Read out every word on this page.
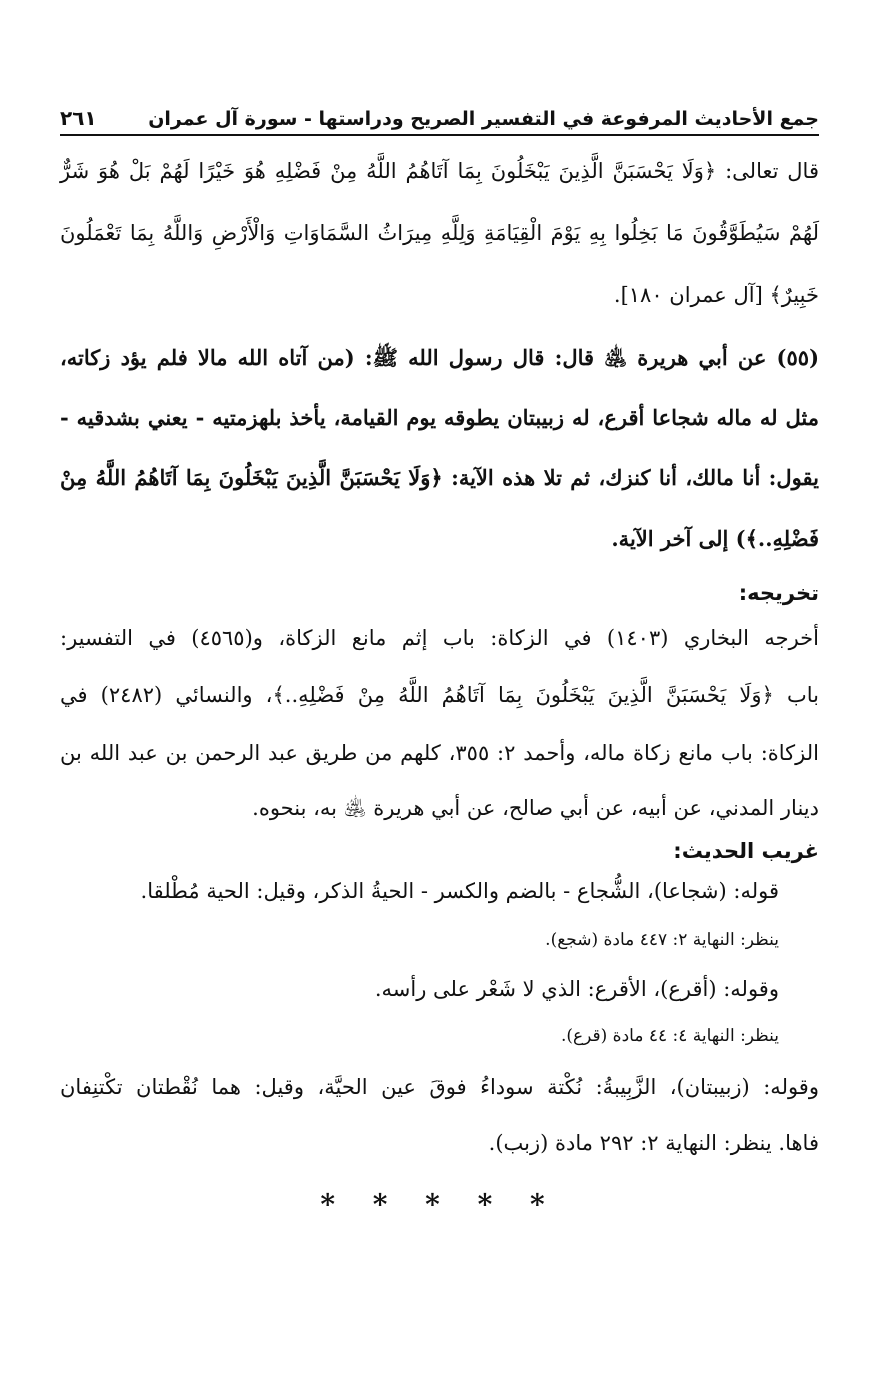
جمع الأحاديث المرفوعة في التفسير الصريح ودراستها - سورة آل عمران
٢٦١
قال تعالى: ﴿وَلَا يَحْسَبَنَّ الَّذِينَ يَبْخَلُونَ بِمَا آتَاهُمُ اللَّهُ مِنْ فَضْلِهِ هُوَ خَيْرًا لَهُمْ بَلْ هُوَ شَرٌّ
لَهُمْ سَيُطَوَّقُونَ مَا بَخِلُوا بِهِ يَوْمَ الْقِيَامَةِ وَلِلَّهِ مِيرَاثُ السَّمَاوَاتِ وَالْأَرْضِ وَاللَّهُ بِمَا تَعْمَلُونَ
خَبِيرٌ﴾ [آل عمران ١٨٠].
(٥٥) عن أبي هريرة ﵁ قال: قال رسول الله ﷺ: (من آتاه الله مالا فلم يؤد زكاته،
مثل له ماله شجاعا أقرع، له زبيبتان يطوقه يوم القيامة، يأخذ بلهزمتيه - يعني بشدقيه -
يقول: أنا مالك، أنا كنزك، ثم تلا هذه الآية: ﴿وَلَا يَحْسَبَنَّ الَّذِينَ يَبْخَلُونَ بِمَا آتَاهُمُ اللَّهُ مِنْ
فَضْلِهِ..﴾) إلى آخر الآية.
تخريجه:
أخرجه البخاري (١٤٠٣) في الزكاة: باب إثم مانع الزكاة، و(٤٥٦٥) في التفسير:
باب ﴿وَلَا يَحْسَبَنَّ الَّذِينَ يَبْخَلُونَ بِمَا آتَاهُمُ اللَّهُ مِنْ فَضْلِهِ..﴾، والنسائي (٢٤٨٢) في
الزكاة: باب مانع زكاة ماله، وأحمد ٢: ٣٥٥، كلهم من طريق عبد الرحمن بن عبد الله بن
دينار المدني، عن أبيه، عن أبي صالح، عن أبي هريرة ﵁ به، بنحوه.
غريب الحديث:
قوله: (شجاعا)، الشُّجاع - بالضم والكسر - الحيةُ الذكر، وقيل: الحية مُطْلقا.
ينظر: النهاية ٢: ٤٤٧ مادة (شجع).
وقوله: (أقرع)، الأقرع: الذي لا شَعْر على رأسه.
ينظر: النهاية ٤: ٤٤ مادة (قرع).
وقوله: (زبيبتان)، الزَّبِيبةُ: نُكْتة سوداءُ فوقَ عين الحيَّة، وقيل: هما نُقْطتان تكْتنِفان
فاها. ينظر: النهاية ٢: ٢٩٢ مادة (زبب).
* * * * *
